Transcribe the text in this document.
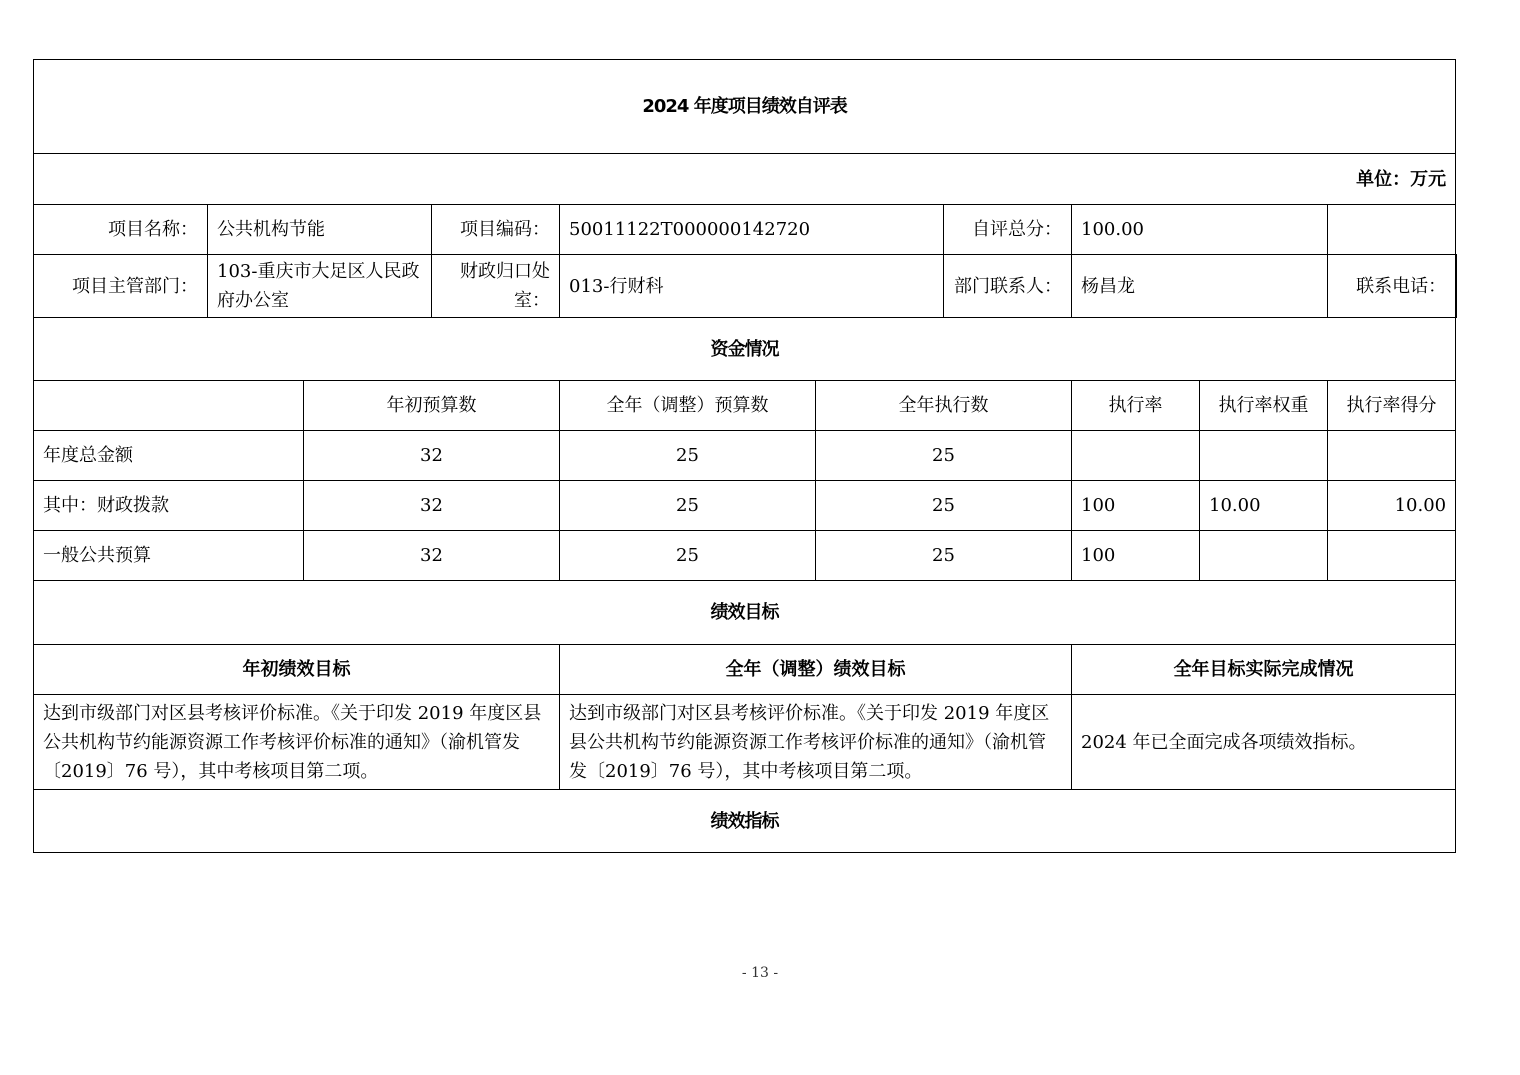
2024 年度项目绩效自评表										
单位：万元										
项目名称：	公共机构节能		项目编码：	50011122T000000142720		自评总分：	100.00			
项目主管部门：	103-重庆市大足区人民政府办公室		财政归口处室：	013-行财科		部门联系人：	杨昌龙		联系电话：	
资金情况										
		年初预算数		全年（调整）预算数	全年执行数		执行率	执行率权重	执行率得分	
年度总金额		32		25	25					
其中：财政拨款		32		25	25		100	10.00	10.00	
一般公共预算		32		25	25		100			
绩效目标										
年初绩效目标				全年（调整）绩效目标			全年目标实际完成情况			
达到市级部门对区县考核评价标准。《关于印发 2019 年度区县公共机构节约能源资源工作考核评价标准的通知》（渝机管发〔2019〕76 号），其中考核项目第二项。				达到市级部门对区县考核评价标准。《关于印发 2019 年度区县公共机构节约能源资源工作考核评价标准的通知》（渝机管发〔2019〕76 号），其中考核项目第二项。			2024 年已全面完成各项绩效指标。			
绩效指标										
- 13 -
